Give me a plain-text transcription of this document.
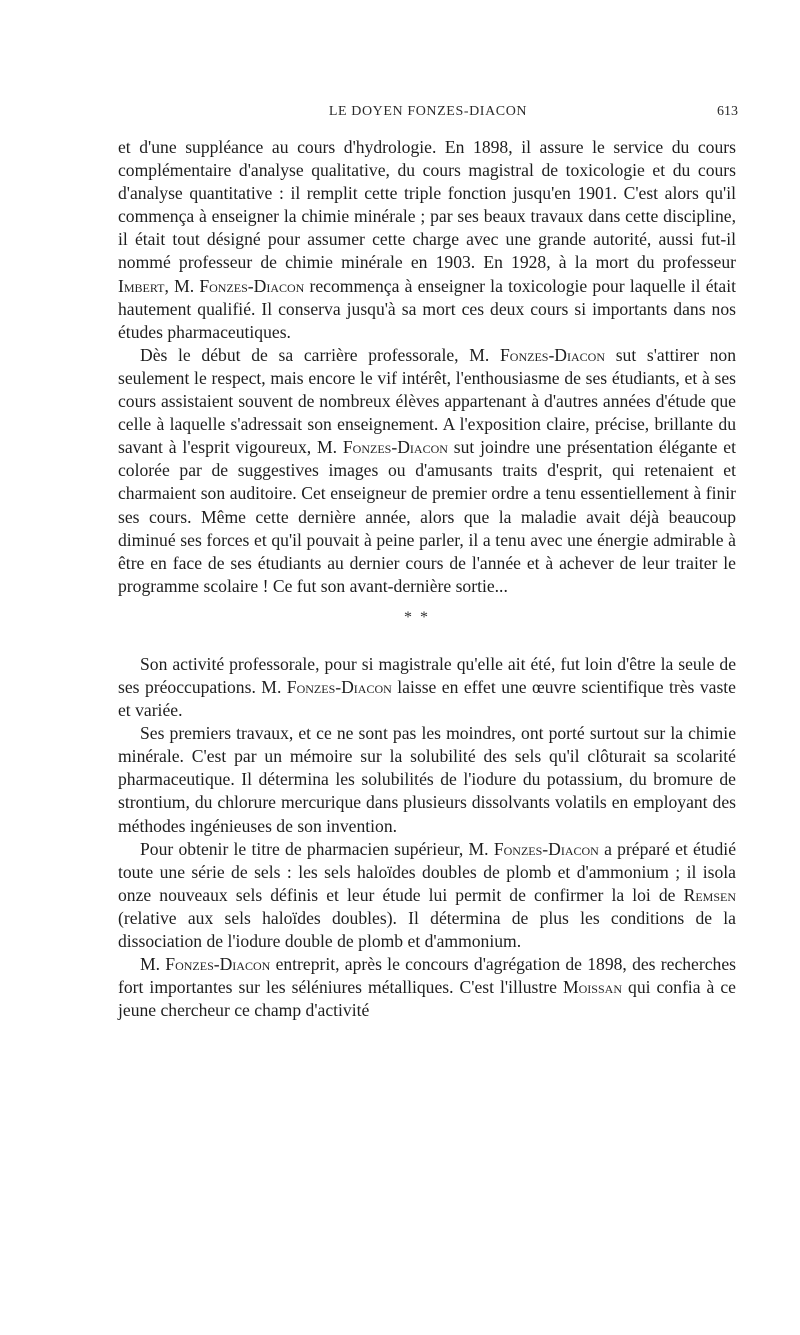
LE DOYEN FONZES-DIACON	613

et d'une suppléance au cours d'hydrologie. En 1898, il assure le service du cours complémentaire d'analyse qualitative, du cours magistral de toxicologie et du cours d'analyse quantitative : il remplit cette triple fonction jusqu'en 1901. C'est alors qu'il commença à enseigner la chimie minérale ; par ses beaux travaux dans cette discipline, il était tout désigné pour assumer cette charge avec une grande autorité, aussi fut-il nommé professeur de chimie minérale en 1903. En 1928, à la mort du professeur Imbert, M. Fonzes-Diacon recommença à enseigner la toxicologie pour laquelle il était hautement qualifié. Il conserva jusqu'à sa mort ces deux cours si importants dans nos études pharmaceutiques.

Dès le début de sa carrière professorale, M. Fonzes-Diacon sut s'attirer non seulement le respect, mais encore le vif intérêt, l'enthousiasme de ses étudiants, et à ses cours assistaient souvent de nombreux élèves appartenant à d'autres années d'étude que celle à laquelle s'adressait son enseignement. A l'exposition claire, précise, brillante du savant à l'esprit vigoureux, M. Fonzes-Diacon sut joindre une présentation élégante et colorée par de suggestives images ou d'amusants traits d'esprit, qui retenaient et charmaient son auditoire. Cet enseigneur de premier ordre a tenu essentiellement à finir ses cours. Même cette dernière année, alors que la maladie avait déjà beaucoup diminué ses forces et qu'il pouvait à peine parler, il a tenu avec une énergie admirable à être en face de ses étudiants au dernier cours de l'année et à achever de leur traiter le programme scolaire ! Ce fut son avant-dernière sortie...

* *

Son activité professorale, pour si magistrale qu'elle ait été, fut loin d'être la seule de ses préoccupations. M. Fonzes-Diacon laisse en effet une œuvre scientifique très vaste et variée.

Ses premiers travaux, et ce ne sont pas les moindres, ont porté surtout sur la chimie minérale. C'est par un mémoire sur la solubilité des sels qu'il clôturait sa scolarité pharmaceutique. Il détermina les solubilités de l'iodure du potassium, du bromure de strontium, du chlorure mercurique dans plusieurs dissolvants volatils en employant des méthodes ingénieuses de son invention.

Pour obtenir le titre de pharmacien supérieur, M. Fonzes-Diacon a préparé et étudié toute une série de sels : les sels haloïdes doubles de plomb et d'ammonium ; il isola onze nouveaux sels définis et leur étude lui permit de confirmer la loi de Remsen (relative aux sels haloïdes doubles). Il détermina de plus les conditions de la dissociation de l'iodure double de plomb et d'ammonium.

M. Fonzes-Diacon entreprit, après le concours d'agrégation de 1898, des recherches fort importantes sur les séléniures métalliques. C'est l'illustre Moissan qui confia à ce jeune chercheur ce champ d'activité
